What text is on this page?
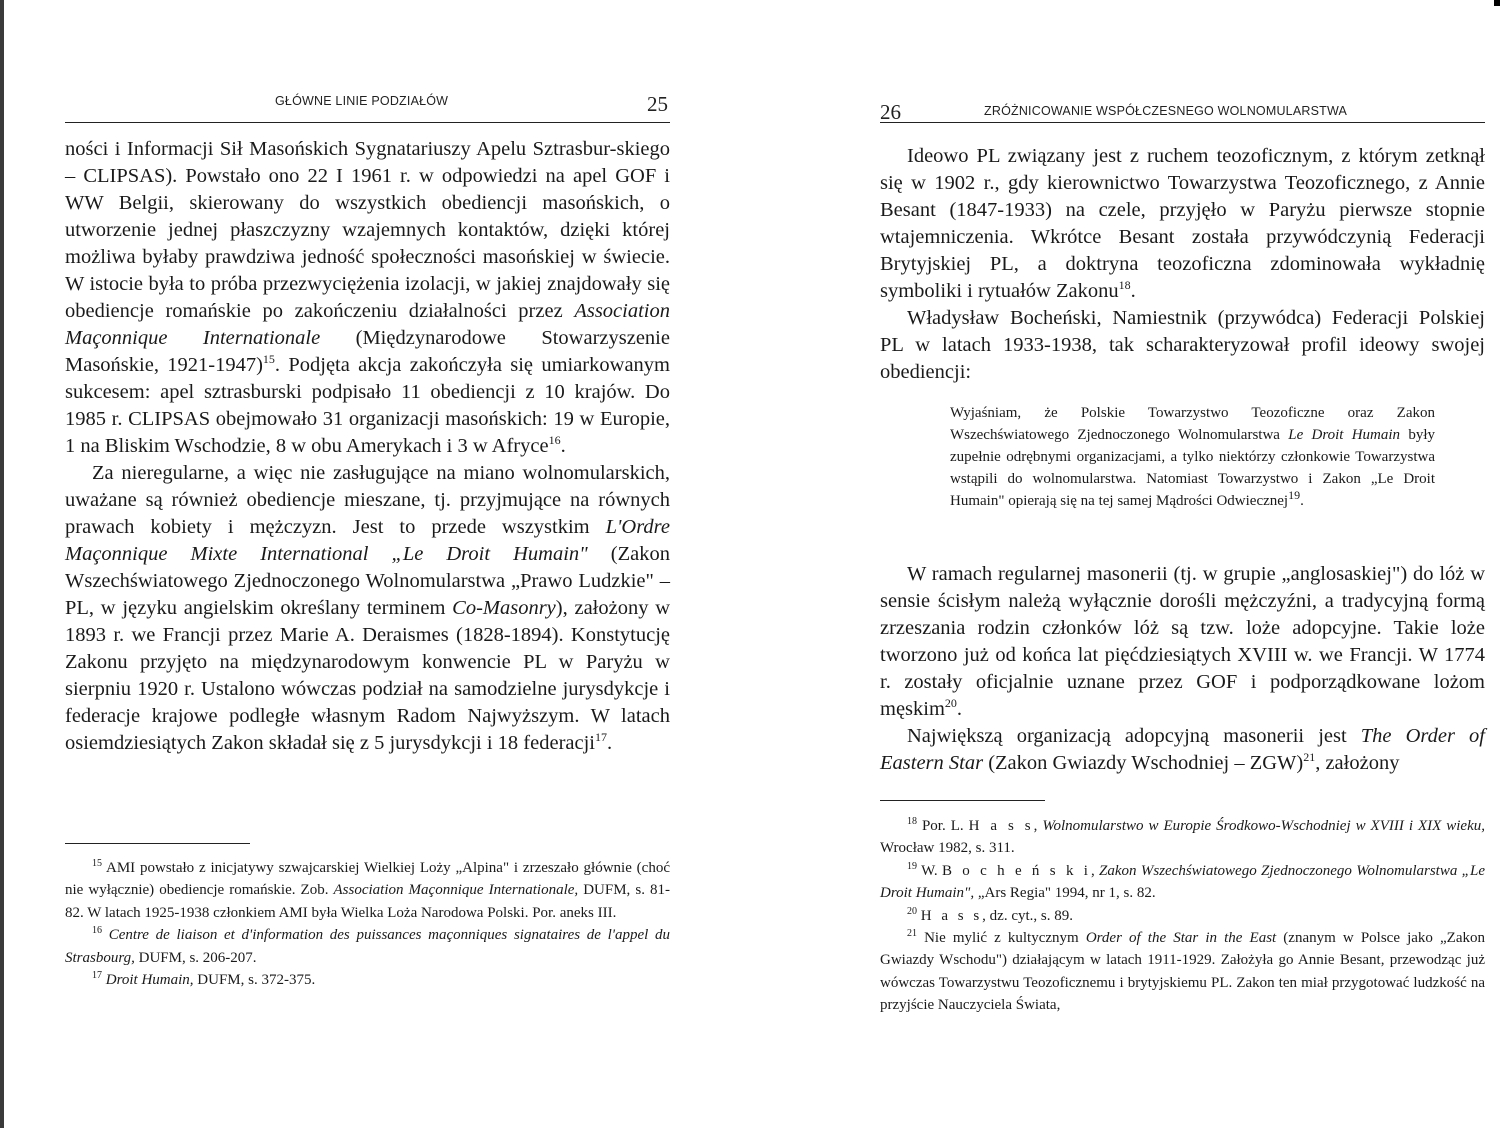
GŁÓWNE LINIE PODZIAŁÓW	25

ności i Informacji Sił Masońskich Sygnatariuszy Apelu Sztrasbur-skiego – CLIPSAS). Powstało ono 22 I 1961 r. w odpowiedzi na apel GOF i WW Belgii, skierowany do wszystkich obediencji masońskich, o utworzenie jednej płaszczyzny wzajemnych kontaktów, dzięki której możliwa byłaby prawdziwa jedność społeczności masońskiej w świecie. W istocie była to próba przezwyciężenia izolacji, w jakiej znajdowały się obediencje romańskie po zakończeniu działalności przez Association Maçonnique Internationale (Międzynarodowe Stowarzyszenie Masońskie, 1921-1947)$^{15}$. Podjęta akcja zakończyła się umiarkowanym sukcesem: apel sztrasburski podpisało 11 obediencji z 10 krajów. Do 1985 r. CLIPSAS obejmowało 31 organizacji masońskich: 19 w Europie, 1 na Bliskim Wschodzie, 8 w obu Amerykach i 3 w Afryce$^{16}$.

Za nieregularne, a więc nie zasługujące na miano wolnomularskich, uważane są również obediencje mieszane, tj. przyjmujące na równych prawach kobiety i mężczyzn. Jest to przede wszystkim L'Ordre Maçonnique Mixte International „Le Droit Humain" (Zakon Wszechświatowego Zjednoczonego Wolnomularstwa „Prawo Ludzkie" – PL, w języku angielskim określany terminem Co-Masonry), założony w 1893 r. we Francji przez Marie A. Deraismes (1828-1894). Konstytucję Zakonu przyjęto na międzynarodowym konwencie PL w Paryżu w sierpniu 1920 r. Ustalono wówczas podział na samodzielne jurysdykcje i federacje krajowe podległe własnym Radom Najwyższym. W latach osiemdziesiątych Zakon składał się z 5 jurysdykcji i 18 federacji$^{17}$.

$^{15}$ AMI powstało z inicjatywy szwajcarskiej Wielkiej Loży „Alpina" i zrzeszało głównie (choć nie wyłącznie) obediencje romańskie. Zob. Association Maçonnique Internationale, DUFM, s. 81-82. W latach 1925-1938 członkiem AMI była Wielka Loża Narodowa Polski. Por. aneks III.

$^{16}$ Centre de liaison et d'information des puissances maçonniques signataires de l'appel du Strasbourg, DUFM, s. 206-207.

$^{17}$ Droit Humain, DUFM, s. 372-375.

26	ZRÓŻNICOWANIE WSPÓŁCZESNEGO WOLNOMULARSTWA

Ideowo PL związany jest z ruchem teozoficznym, z którym zetknął się w 1902 r., gdy kierownictwo Towarzystwa Teozoficznego, z Annie Besant (1847-1933) na czele, przyjęło w Paryżu pierwsze stopnie wtajemniczenia. Wkrótce Besant została przywódczynią Federacji Brytyjskiej PL, a doktryna teozoficzna zdominowała wykładnię symboliki i rytuałów Zakonu$^{18}$.

Władysław Bocheński, Namiestnik (przywódca) Federacji Polskiej PL w latach 1933-1938, tak scharakteryzował profil ideowy swojej obediencji:

Wyjaśniam, że Polskie Towarzystwo Teozoficzne oraz Zakon Wszechświatowego Zjednoczonego Wolnomularstwa Le Droit Humain były zupełnie odrębnymi organizacjami, a tylko niektórzy członkowie Towarzystwa wstąpili do wolnomularstwa. Natomiast Towarzystwo i Zakon „Le Droit Humain" opierają się na tej samej Mądrości Odwiecznej$^{19}$.

W ramach regularnej masonerii (tj. w grupie „anglosaskiej") do lóż w sensie ścisłym należą wyłącznie dorośli mężczyźni, a tradycyjną formą zrzeszania rodzin członków lóż są tzw. loże adopcyjne. Takie loże tworzono już od końca lat pięćdziesiątych XVIII w. we Francji. W 1774 r. zostały oficjalnie uznane przez GOF i podporządkowane lożom męskim$^{20}$.

Największą organizacją adopcyjną masonerii jest The Order of Eastern Star (Zakon Gwiazdy Wschodniej – ZGW)$^{21}$, założony

$^{18}$ Por. L. H a s s, Wolnomularstwo w Europie Środkowo-Wschodniej w XVIII i XIX wieku, Wrocław 1982, s. 311.

$^{19}$ W. B o c h e ń s k i, Zakon Wszechświatowego Zjednoczonego Wolnomularstwa „Le Droit Humain", „Ars Regia" 1994, nr 1, s. 82.

$^{20}$ H a s s, dz. cyt., s. 89.

$^{21}$ Nie mylić z kultycznym Order of the Star in the East (znanym w Polsce jako „Zakon Gwiazdy Wschodu") działającym w latach 1911-1929. Założyła go Annie Besant, przewodząc już wówczas Towarzystwu Teozoficznemu i brytyjskiemu PL. Zakon ten miał przygotować ludzkość na przyjście Nauczyciela Świata,
